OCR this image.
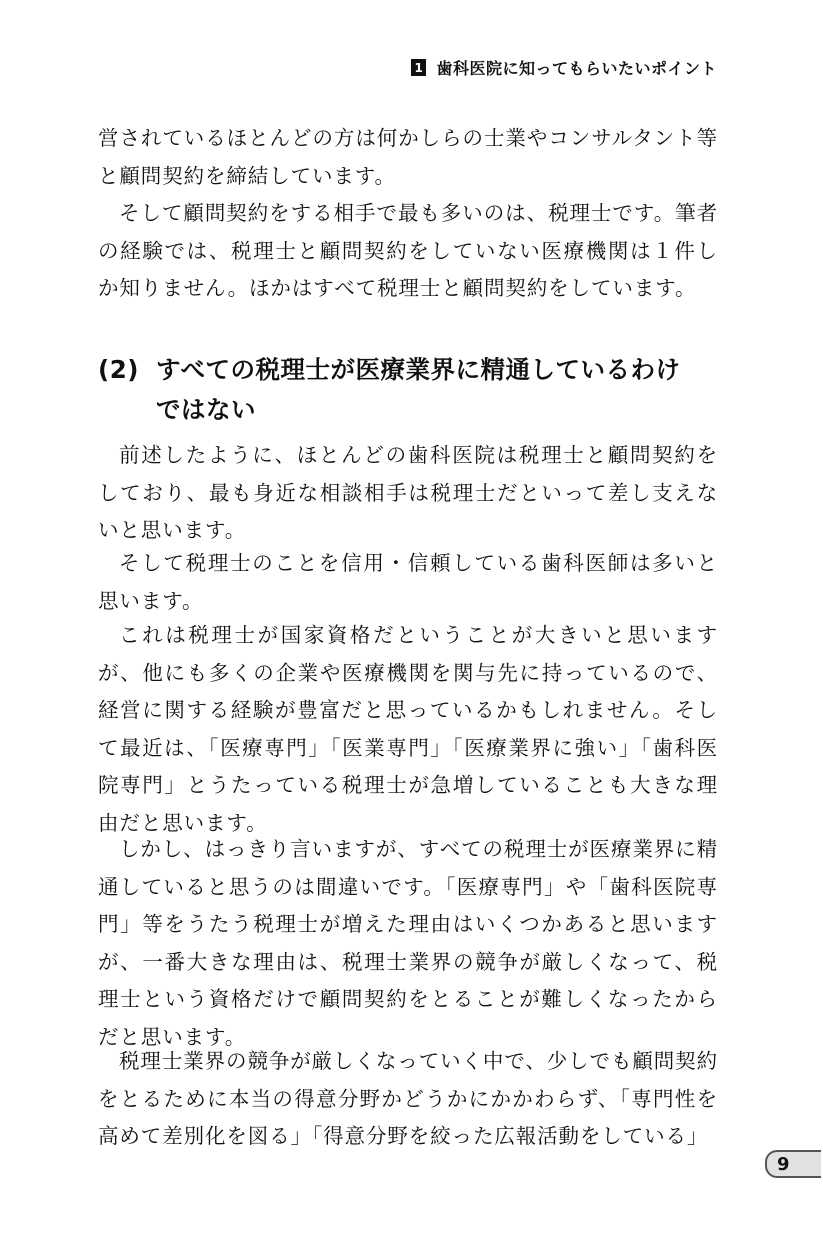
1 歯科医院に知ってもらいたいポイント

営されているほとんどの方は何かしらの士業やコンサルタント等と顧問契約を締結しています。

そして顧問契約をする相手で最も多いのは、税理士です。筆者の経験では、税理士と顧問契約をしていない医療機関は１件しか知りません。ほかはすべて税理士と顧問契約をしています。

(2) すべての税理士が医療業界に精通しているわけ
ではない

前述したように、ほとんどの歯科医院は税理士と顧問契約をしており、最も身近な相談相手は税理士だといって差し支えないと思います。

そして税理士のことを信用・信頼している歯科医師は多いと思います。

これは税理士が国家資格だということが大きいと思いますが、他にも多くの企業や医療機関を関与先に持っているので、経営に関する経験が豊富だと思っているかもしれません。そして最近は、「医療専門」「医業専門」「医療業界に強い」「歯科医院専門」とうたっている税理士が急増していることも大きな理由だと思います。

しかし、はっきり言いますが、すべての税理士が医療業界に精通していると思うのは間違いです。「医療専門」や「歯科医院専門」等をうたう税理士が増えた理由はいくつかあると思いますが、一番大きな理由は、税理士業界の競争が厳しくなって、税理士という資格だけで顧問契約をとることが難しくなったからだと思います。

税理士業界の競争が厳しくなっていく中で、少しでも顧問契約をとるために本当の得意分野かどうかにかかわらず、「専門性を高めて差別化を図る」「得意分野を絞った広報活動をしている」

9
